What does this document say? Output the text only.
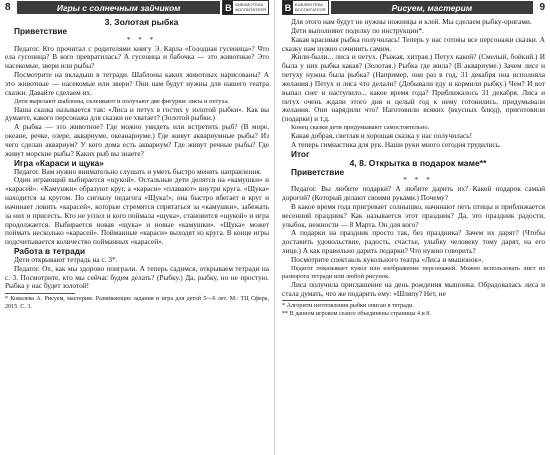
8	Игры с солнечным зайчиком	B БИБЛИОТЕКА
ВОСПИТАТЕЛЯ

3. Золотая рыбка

Приветствие

* * *

Педагог. Кто прочитал с родителями книгу Э. Карла «Голодная гусеница»? Что ела гусеница? В кого превратилась? А гусеница и бабочка — это животные? Это насекомые, звери или рыбы?

Посмотрите на вкладыш в тетради. Шаблоны каких животных нарисованы? А это животные — насекомые или звери? Они нам будут нужны для нашего театра сказки. Давайте сделаем их.

Дети вырезают шаблоны, склеивают и получают две фигурки: лисы и петуха.

Наша сказка называется так: «Лиса и петух в гостях у золотой рыбки». Как вы думаете, какого персонажа для сказки не хватает? (Золотой рыбки.)

А рыбка — это животное? Где можно увидеть или встретить рыб? (В море, океане, речке, озере, аквариуме, океанариуме.) Где живут аквариумные рыбы? Из чего сделан аквариум? У кого дома есть аквариум? Где живут речные рыбы? Где живут морские рыбы? Каких рыб вы знаете?

Игра «Караси и щука»

Педагог. Вам нужно внимательно слушать и уметь быстро менять направления.

Один играющий выбирается «щукой». Остальные дети делятся на «камушки» и «карасей». «Камушки» образуют круг, а «караси» «плавают» внутри круга. «Щука» находится за кругом. По сигналу педагога «Щука!», она быстро вбегает в круг и начинает ловить «карасей», которые стремятся спрятаться за «камушки», забежать за них и присесть. Кто не успел и кого поймала «щука», становится «щукой» и игра продолжается. Выбирается новая «щука» и новые «камушки». «Щука» может поймать несколько «карасей». Пойманные «караси» выходят из круга. В конце игры подсчитывается количество пойманных «карасей».

Работа в тетради

Дети открывают тетрадь на с. 3*.

Педагог. Ох, как мы здорово поиграли. А теперь садимся, открываем тетради на с. 3. Посмотрите, кто мы сейчас будем делать? (Рыбку.) Да, рыбку, но не простую. Рыбка у нас будет золотой!

* Ковалева А. Рисуем, мастерим. Развивающие задания и игра для детей 5—6 лет. М.: ТЦ Сфера, 2015. С. 3.

B БИБЛИОТЕКА
ВОСПИТАТЕЛЯ	Рисуем, мастерим	9

Для этого нам будут не нужны ножницы и клей. Мы сделаем рыбку-оригами.

Дети выполняют поделку по инструкции*.

Какая красивая рыбка получилась! Теперь у нас готовы все персонажи сказки. А сказку нам нужно сочинить самим.

Жили-были... лиса и петух. (Рыжая, хитрая.) Петух какой? (Смелый, бойкий.) И была у них рыбка какая? (Золотая.) Рыбка где жила? (В аквариуме.) Зачем лисе и петуху нужна была рыбка? (Например, они раз в год, 31 декабря она исполняла желания.) Петух и лиса что делали? (Добывали еду и кормили рыбку.) Чем? И вот выпал снег и наступило... какое время года? Приближалось 31 декабря. Лиса и петух очень ждали этого дня и целый год к нему готовились, придумывали желания. Они нарядили что? Наготовили всяких (вкусных блюд), приготовили (подарки) и т.д.

Конец сказки дети придумывают самостоятельно.

Какая добрая, светлая и хорошая сказка у нас получилась!

А теперь гимнастика для рук. Наши руки много сегодня трудились.

Итог

4, 8. Открытка в подарок маме**

Приветствие

* * *

Педагог. Вы любите подарки? А любите дарить их? Какой подарок самый дорогой? (Который делают своими руками.) Почему?

В какое время года пригревает солнышко, начинают петь птицы и приближается весенний праздник? Как называется этот праздник? Да, это праздник радости, улыбок, нежности — 8 Марта. Он для кого?

А подарки на праздник просто так, без праздника? Зачем их дарят? (Чтобы доставить удовольствие, радость, счастье, улыбку человеку тому дарят, на его лице.) А как правильно дарить подарки? Что нужно говорить?

Посмотрите спектакль кукольного театра «Лиса и мышонок».

Педагог показывает кукол или изображение персонажей. Можно использовать лист из разворота тетради или любой рисунок.

Лиса получила приглашение на день рождения мышонка. Обрадовалась лиса и стала думать, что же подарить ему: «Шляпу? Нет, не

* Алгоритм изготовления рыбки описан в тетради.

** В данном игровом сеансе объединены страницы 4 и 8.
